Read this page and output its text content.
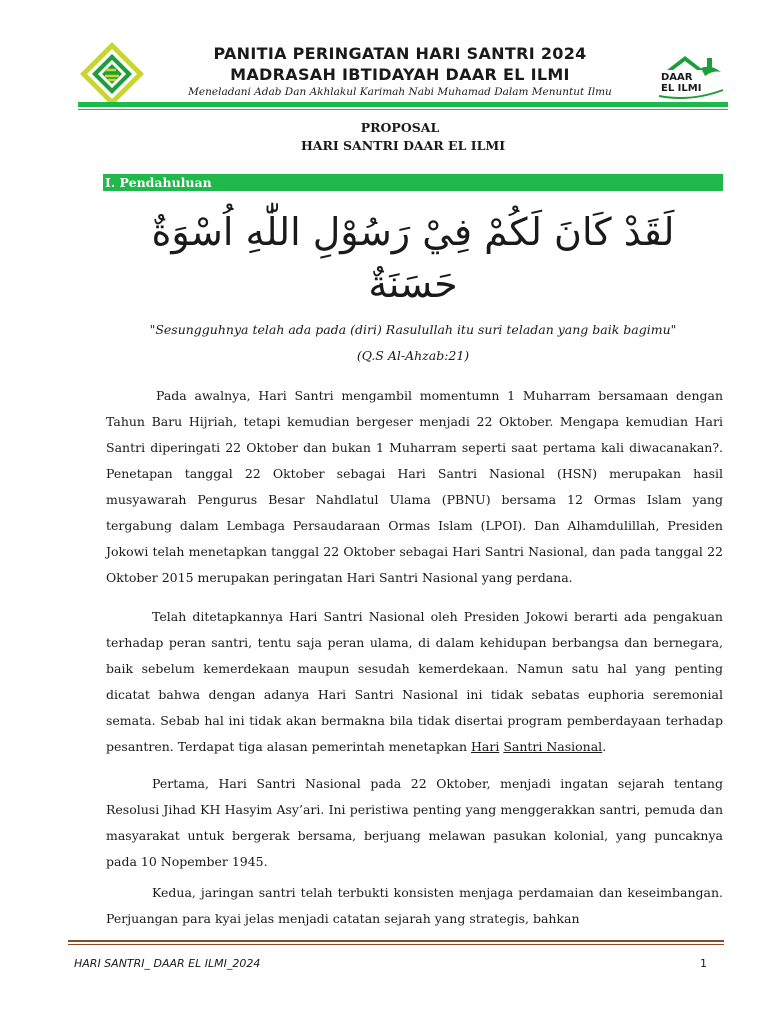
PANITIA PERINGATAN HARI SANTRI 2024
MADRASAH IBTIDAYAH DAAR EL ILMI
Meneladani Adab Dan Akhlakul Karimah Nabi Muhamad Dalam Menuntut Ilmu
DAAR
EL ILMI
PROPOSAL
HARI SANTRI DAAR EL ILMI
I. Pendahuluan
لَقَدْ كَانَ لَكُمْ فِيْ رَسُوْلِ اللّٰهِ اُسْوَةٌ حَسَنَةٌ
"Sesungguhnya telah ada pada (diri) Rasulullah itu suri teladan yang baik bagimu"
(Q.S Al-Ahzab:21)
Pada awalnya, Hari Santri mengambil momentumn 1 Muharram bersamaan dengan Tahun Baru Hijriah, tetapi kemudian bergeser menjadi 22 Oktober. Mengapa kemudian Hari Santri diperingati 22 Oktober dan bukan 1 Muharram seperti saat pertama kali diwacanakan?. Penetapan tanggal 22 Oktober sebagai Hari Santri Nasional (HSN) merupakan hasil musyawarah Pengurus Besar Nahdlatul Ulama (PBNU) bersama 12 Ormas Islam yang tergabung dalam Lembaga Persaudaraan Ormas Islam (LPOI). Dan Alhamdulillah, Presiden Jokowi telah menetapkan tanggal 22 Oktober sebagai Hari Santri Nasional, dan pada tanggal 22 Oktober 2015 merupakan peringatan Hari Santri Nasional yang perdana.
Telah ditetapkannya Hari Santri Nasional oleh Presiden Jokowi berarti ada pengakuan terhadap peran santri, tentu saja peran ulama, di dalam kehidupan berbangsa dan bernegara, baik sebelum kemerdekaan maupun sesudah kemerdekaan. Namun satu hal yang penting dicatat bahwa dengan adanya Hari Santri Nasional ini tidak sebatas euphoria seremonial semata. Sebab hal ini tidak akan bermakna bila tidak disertai program pemberdayaan terhadap pesantren. Terdapat tiga alasan pemerintah menetapkan Hari Santri Nasional.
Pertama, Hari Santri Nasional pada 22 Oktober, menjadi ingatan sejarah tentang Resolusi Jihad KH Hasyim Asy’ari. Ini peristiwa penting yang menggerakkan santri, pemuda dan masyarakat untuk bergerak bersama, berjuang melawan pasukan kolonial, yang puncaknya pada 10 Nopember 1945.
Kedua, jaringan santri telah terbukti konsisten menjaga perdamaian dan keseimbangan. Perjuangan para kyai jelas menjadi catatan sejarah yang strategis, bahkan
HARI SANTRI_ DAAR EL ILMI_2024	1
